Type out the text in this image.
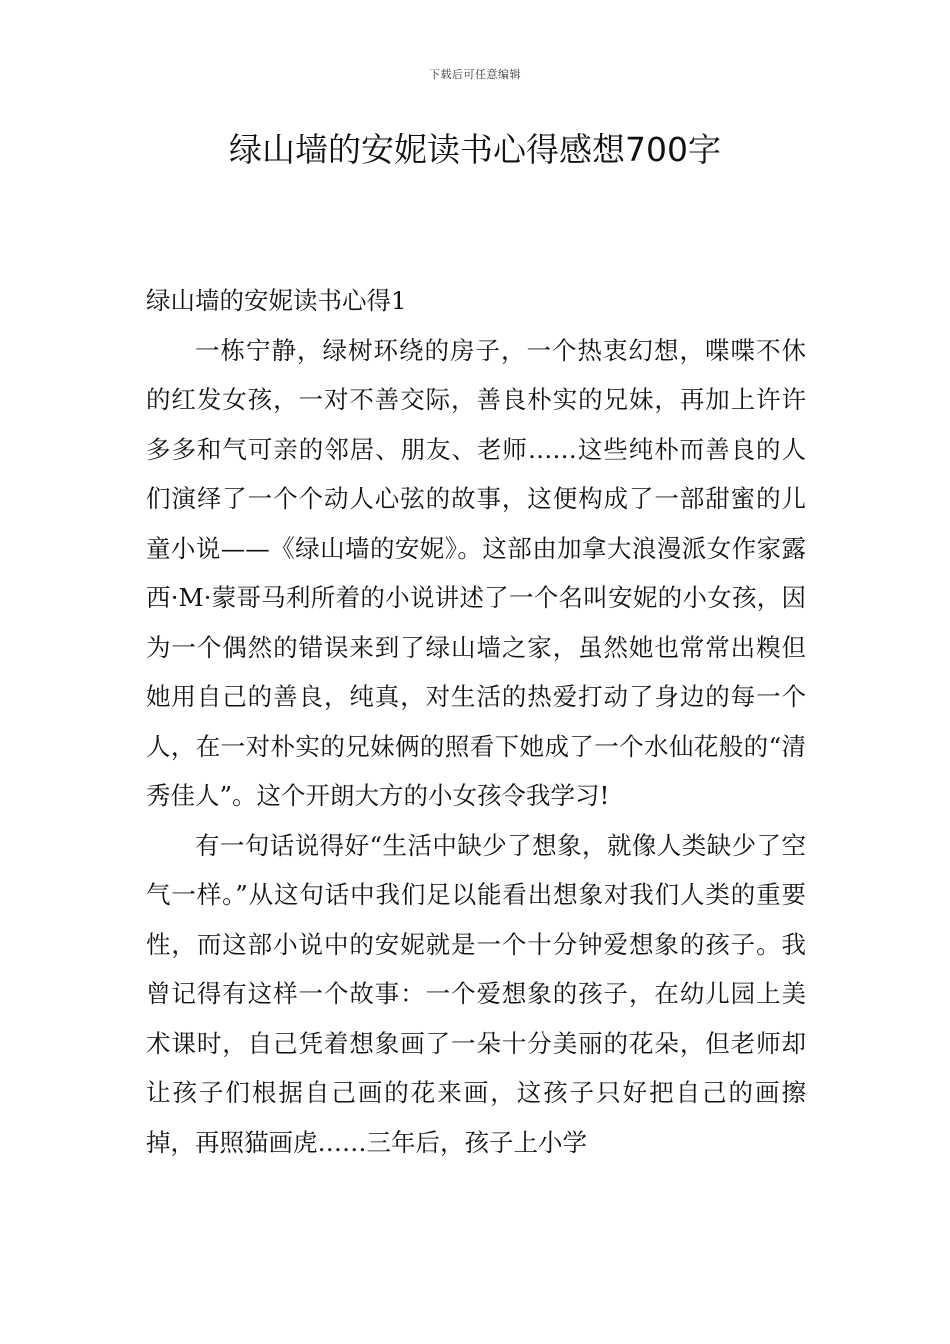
下载后可任意编辑
绿山墙的安妮读书心得感想700字
绿山墙的安妮读书心得1

一栋宁静，绿树环绕的房子，一个热衷幻想，喋喋不休的红发女孩，一对不善交际，善良朴实的兄妹，再加上许许多多和气可亲的邻居、朋友、老师……这些纯朴而善良的人们演绎了一个个动人心弦的故事，这便构成了一部甜蜜的儿童小说——《绿山墙的安妮》。这部由加拿大浪漫派女作家露西·M·蒙哥马利所着的小说讲述了一个名叫安妮的小女孩，因为一个偶然的错误来到了绿山墙之家，虽然她也常常出糗但她用自己的善良，纯真，对生活的热爱打动了身边的每一个人，在一对朴实的兄妹俩的照看下她成了一个水仙花般的“清秀佳人”。这个开朗大方的小女孩令我学习!

有一句话说得好“生活中缺少了想象，就像人类缺少了空气一样。”从这句话中我们足以能看出想象对我们人类的重要性，而这部小说中的安妮就是一个十分钟爱想象的孩子。我曾记得有这样一个故事：一个爱想象的孩子，在幼儿园上美术课时，自己凭着想象画了一朵十分美丽的花朵，但老师却让孩子们根据自己画的花来画，这孩子只好把自己的画擦掉，再照猫画虎……三年后，孩子上小学
